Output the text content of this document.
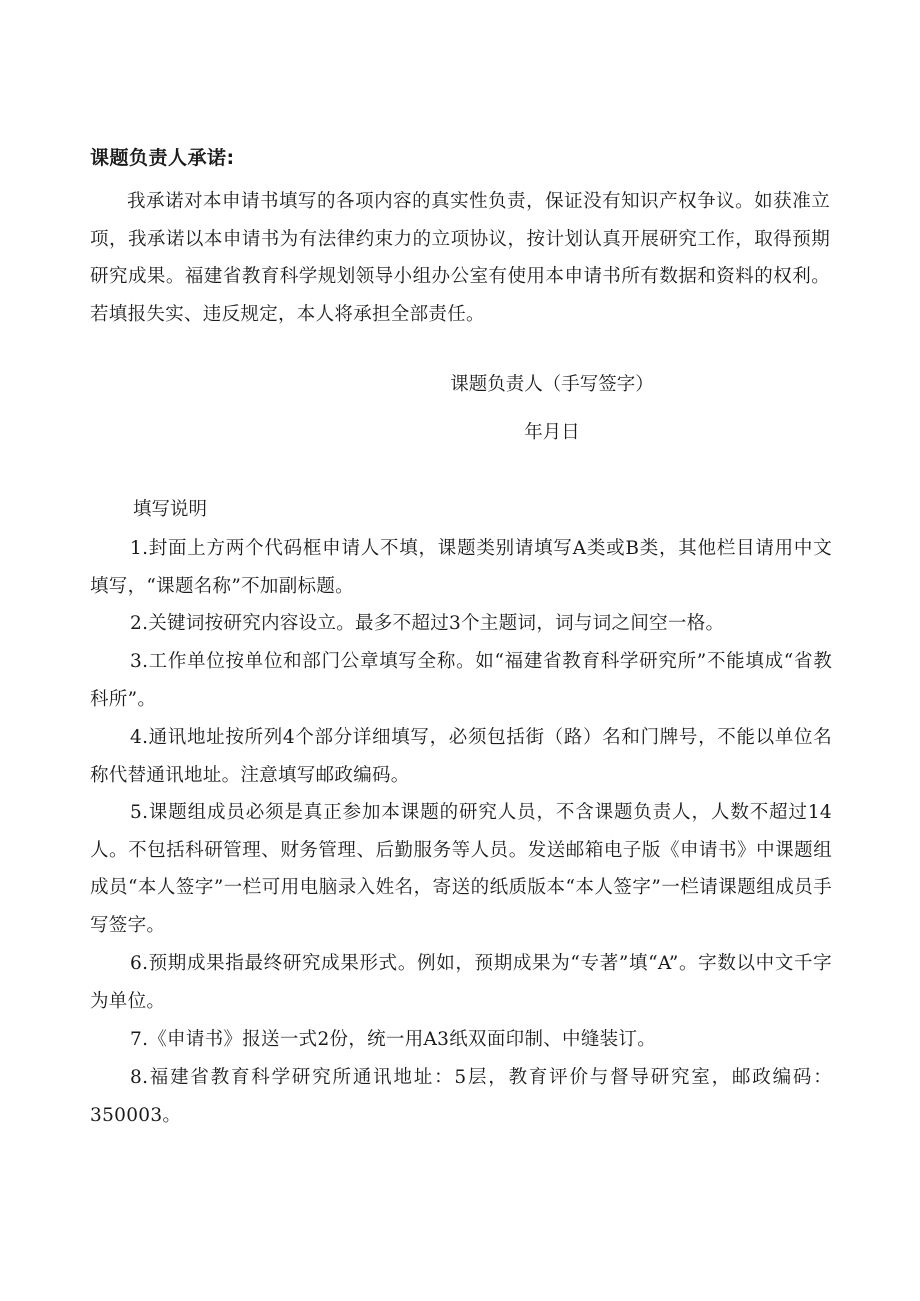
课题负责人承诺:

我承诺对本申请书填写的各项内容的真实性负责，保证没有知识产权争议。如获准立项，我承诺以本申请书为有法律约束力的立项协议，按计划认真开展研究工作，取得预期研究成果。福建省教育科学规划领导小组办公室有使用本申请书所有数据和资料的权利。若填报失实、违反规定，本人将承担全部责任。

课题负责人（手写签字）
年月日
填写说明

1.封面上方两个代码框申请人不填，课题类别请填写A类或B类，其他栏目请用中文填写，“课题名称”不加副标题。

2.关键词按研究内容设立。最多不超过3个主题词，词与词之间空一格。

3.工作单位按单位和部门公章填写全称。如“福建省教育科学研究所”不能填成“省教科所”。

4.通讯地址按所列4个部分详细填写，必须包括街（路）名和门牌号，不能以单位名称代替通讯地址。注意填写邮政编码。

5.课题组成员必须是真正参加本课题的研究人员，不含课题负责人，人数不超过14人。不包括科研管理、财务管理、后勤服务等人员。发送邮箱电子版《申请书》中课题组成员“本人签字”一栏可用电脑录入姓名，寄送的纸质版本“本人签字”一栏请课题组成员手写签字。

6.预期成果指最终研究成果形式。例如，预期成果为“专著”填“A”。字数以中文千字为单位。

7.《申请书》报送一式2份，统一用A3纸双面印制、中缝装订。

8.福建省教育科学研究所通讯地址：5层，教育评价与督导研究室，邮政编码：350003。
